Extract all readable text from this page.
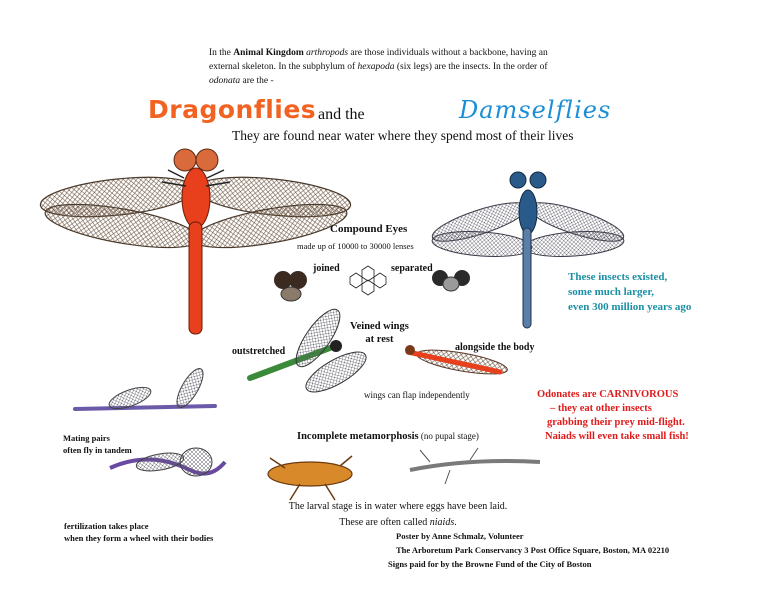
In the Animal Kingdom arthropods are those individuals without a backbone, having an external skeleton. In the subphylum of hexapoda (six legs) are the insects. In the order of odonata are the -
Dragonflies and the	Damselflies
They are found near water where they spend most of their lives
Compound Eyes
made up of 10000 to 30000 lenses
joined	separated
These insects existed,
some much larger,
even 300 million years ago
Veined wings
at rest
outstretched	alongside the body
wings can flap independently	Odonates are CARNIVOROUS
– they eat other insects
grabbing their prey mid-flight.
Naiads will even take small fish!
Mating pairs
often fly in tandem
fertilization takes place
when they form a wheel with their bodies
Incomplete metamorphosis (no pupal stage)
The larval stage is in water where eggs have been laid.
These are often called niaids.
Poster by Anne Schmalz, Volunteer
The Arboretum Park Conservancy 3 Post Office Square, Boston, MA 02210
Signs paid for by the Browne Fund of the City of Boston
